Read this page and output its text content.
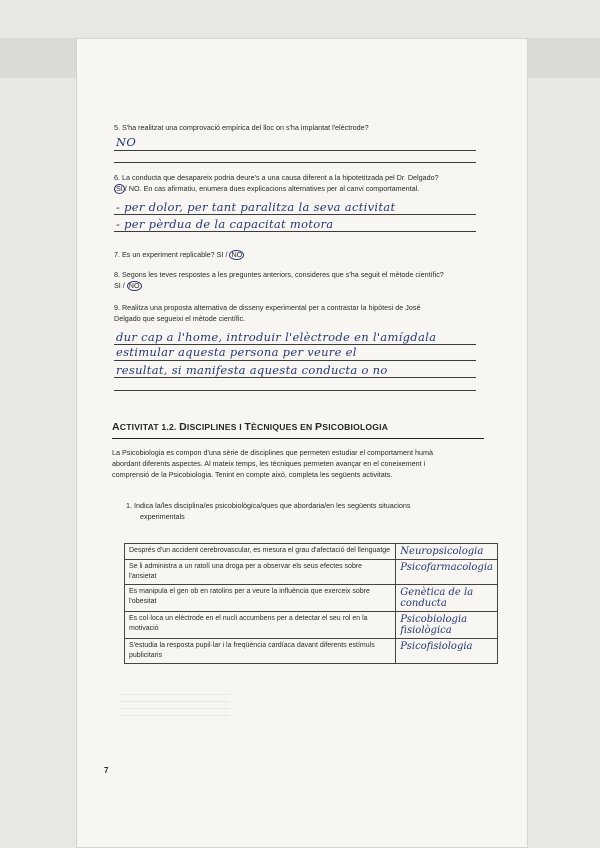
5. S'ha realitzat una comprovació empírica del lloc on s'ha implantat l'elèctrode?
NO
6. La conducta que desapareix podria deure's a una causa diferent a la hipotetitzada pel Dr. Delgado?
SI / NO. En cas afirmatiu, enumera dues explicacions alternatives per al canvi comportamental.
- per dolor, per tant paralitza la seva activitat
- per pèrdua de la capacitat motora
7. Es un experiment replicable? SI / NO
8. Segons les teves respostes a les preguntes anteriors, consideres que s'ha seguit el mètode científic?
SI / NO
9. Realitza una proposta alternativa de disseny experimental per a contrastar la hipòtesi de José
Delgado que segueixi el mètode científic.
dur cap a l'home, introduir l'elèctrode en l'amígdala
estimular aquesta persona per veure el
resultat, si manifesta aquesta conducta o no
ACTIVITAT 1.2. DISCIPLINES I TÈCNIQUES EN PSICOBIOLOGIA
La Psicobiologia es compon d'una sèrie de disciplines que permeten estudiar el comportament humà
abordant diferents aspectes. Al mateix temps, les tècniques permeten avançar en el coneixement i
comprensió de la Psicobiologia. Tenint en compte això, completa les següents activitats.
1. Indica la/les disciplina/es psicobiològica/ques que abordaria/en les següents situacions
experimentals
Després d'un accident cerebrovascular, es mesura el grau d'afectació del llenguatge	Neuropsicologia
Se li administra a un ratolí una droga per a observar els seus efectes sobre l'ansietat	Psicofarmacologia
Es manipula el gen ob en ratolins per a veure la influència que exerceix sobre l'obesitat	Genètica de la conducta
Es col·loca un elèctrode en el nucli accumbens per a detectar el seu rol en la motivació	Psicobiologia fisiològica
S'estudia la resposta pupil·lar i la freqüència cardíaca davant diferents estímuls publicitaris	Psicofisiologia
7
